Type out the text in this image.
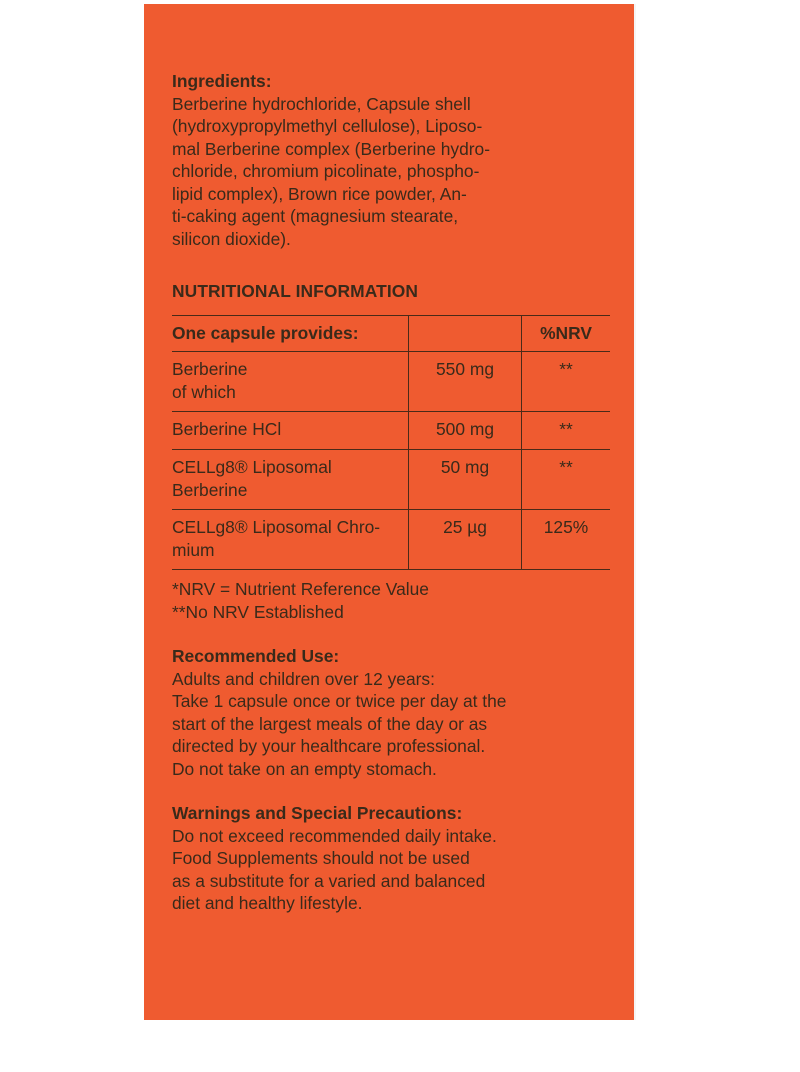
Ingredients:
Berberine hydrochloride, Capsule shell
(hydroxypropylmethyl cellulose), Liposo-
mal Berberine complex (Berberine hydro-
chloride, chromium picolinate, phospho-
lipid complex), Brown rice powder, An-
ti-caking agent (magnesium stearate,
silicon dioxide).
NUTRITIONAL INFORMATION
One capsule provides:		%NRV

Berberine
of which	550 mg	**

Berberine HCl	500 mg	**

CELLg8® Liposomal
Berberine	50 mg	**

CELLg8® Liposomal Chro-
mium	25 µg	125%
*NRV = Nutrient Reference Value
**No NRV Established
Recommended Use:
Adults and children over 12 years:
Take 1 capsule once or twice per day at the
start of the largest meals of the day or as
directed by your healthcare professional.
Do not take on an empty stomach.
Warnings and Special Precautions:
Do not exceed recommended daily intake.
Food Supplements should not be used
as a substitute for a varied and balanced
diet and healthy lifestyle.
